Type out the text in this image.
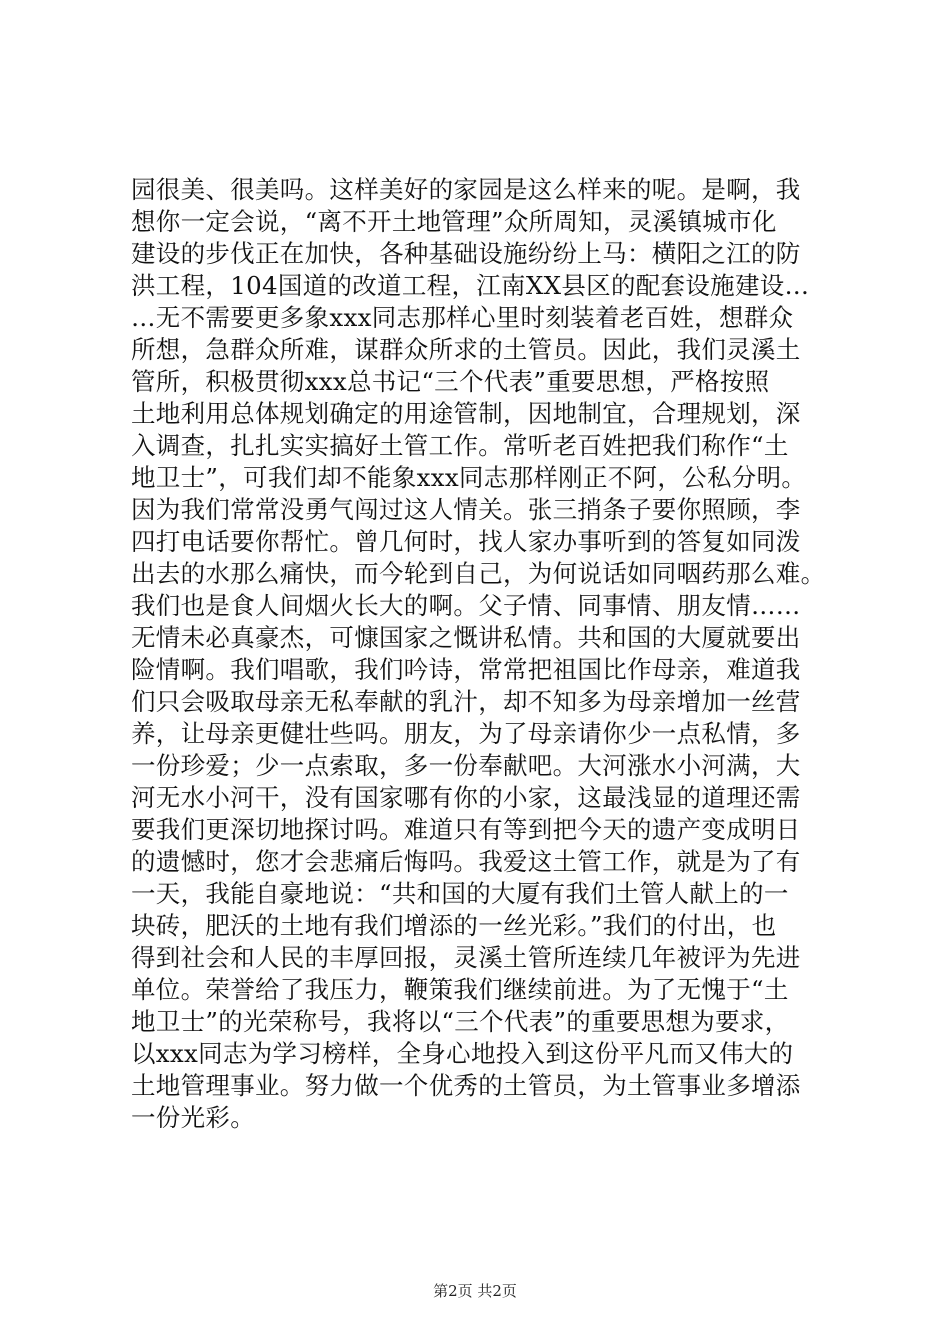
园很美、很美吗。这样美好的家园是这么样来的呢。是啊，我
想你一定会说，“离不开土地管理”众所周知，灵溪镇城市化
建设的步伐正在加快，各种基础设施纷纷上马：横阳之江的防
洪工程，104国道的改道工程，江南XX县区的配套设施建设…
…无不需要更多象xxx同志那样心里时刻装着老百姓，想群众
所想，急群众所难，谋群众所求的土管员。因此，我们灵溪土
管所，积极贯彻xxx总书记“三个代表”重要思想，严格按照
土地利用总体规划确定的用途管制，因地制宜，合理规划，深
入调查，扎扎实实搞好土管工作。常听老百姓把我们称作“土
地卫士”，可我们却不能象xxx同志那样刚正不阿，公私分明。
因为我们常常没勇气闯过这人情关。张三捎条子要你照顾，李
四打电话要你帮忙。曾几何时，找人家办事听到的答复如同泼
出去的水那么痛快，而今轮到自己，为何说话如同咽药那么难。
我们也是食人间烟火长大的啊。父子情、同事情、朋友情……
无情未必真豪杰，可慷国家之慨讲私情。共和国的大厦就要出
险情啊。我们唱歌，我们吟诗，常常把祖国比作母亲，难道我
们只会吸取母亲无私奉献的乳汁，却不知多为母亲增加一丝营
养，让母亲更健壮些吗。朋友，为了母亲请你少一点私情，多
一份珍爱；少一点索取，多一份奉献吧。大河涨水小河满，大
河无水小河干，没有国家哪有你的小家，这最浅显的道理还需
要我们更深切地探讨吗。难道只有等到把今天的遗产变成明日
的遗憾时，您才会悲痛后悔吗。我爱这土管工作，就是为了有
一天，我能自豪地说：“共和国的大厦有我们土管人献上的一
块砖，肥沃的土地有我们增添的一丝光彩。”我们的付出，也
得到社会和人民的丰厚回报，灵溪土管所连续几年被评为先进
单位。荣誉给了我压力，鞭策我们继续前进。为了无愧于“土
地卫士”的光荣称号，我将以“三个代表”的重要思想为要求，
以xxx同志为学习榜样，全身心地投入到这份平凡而又伟大的
土地管理事业。努力做一个优秀的土管员，为土管事业多增添
一份光彩。
第2页 共2页
